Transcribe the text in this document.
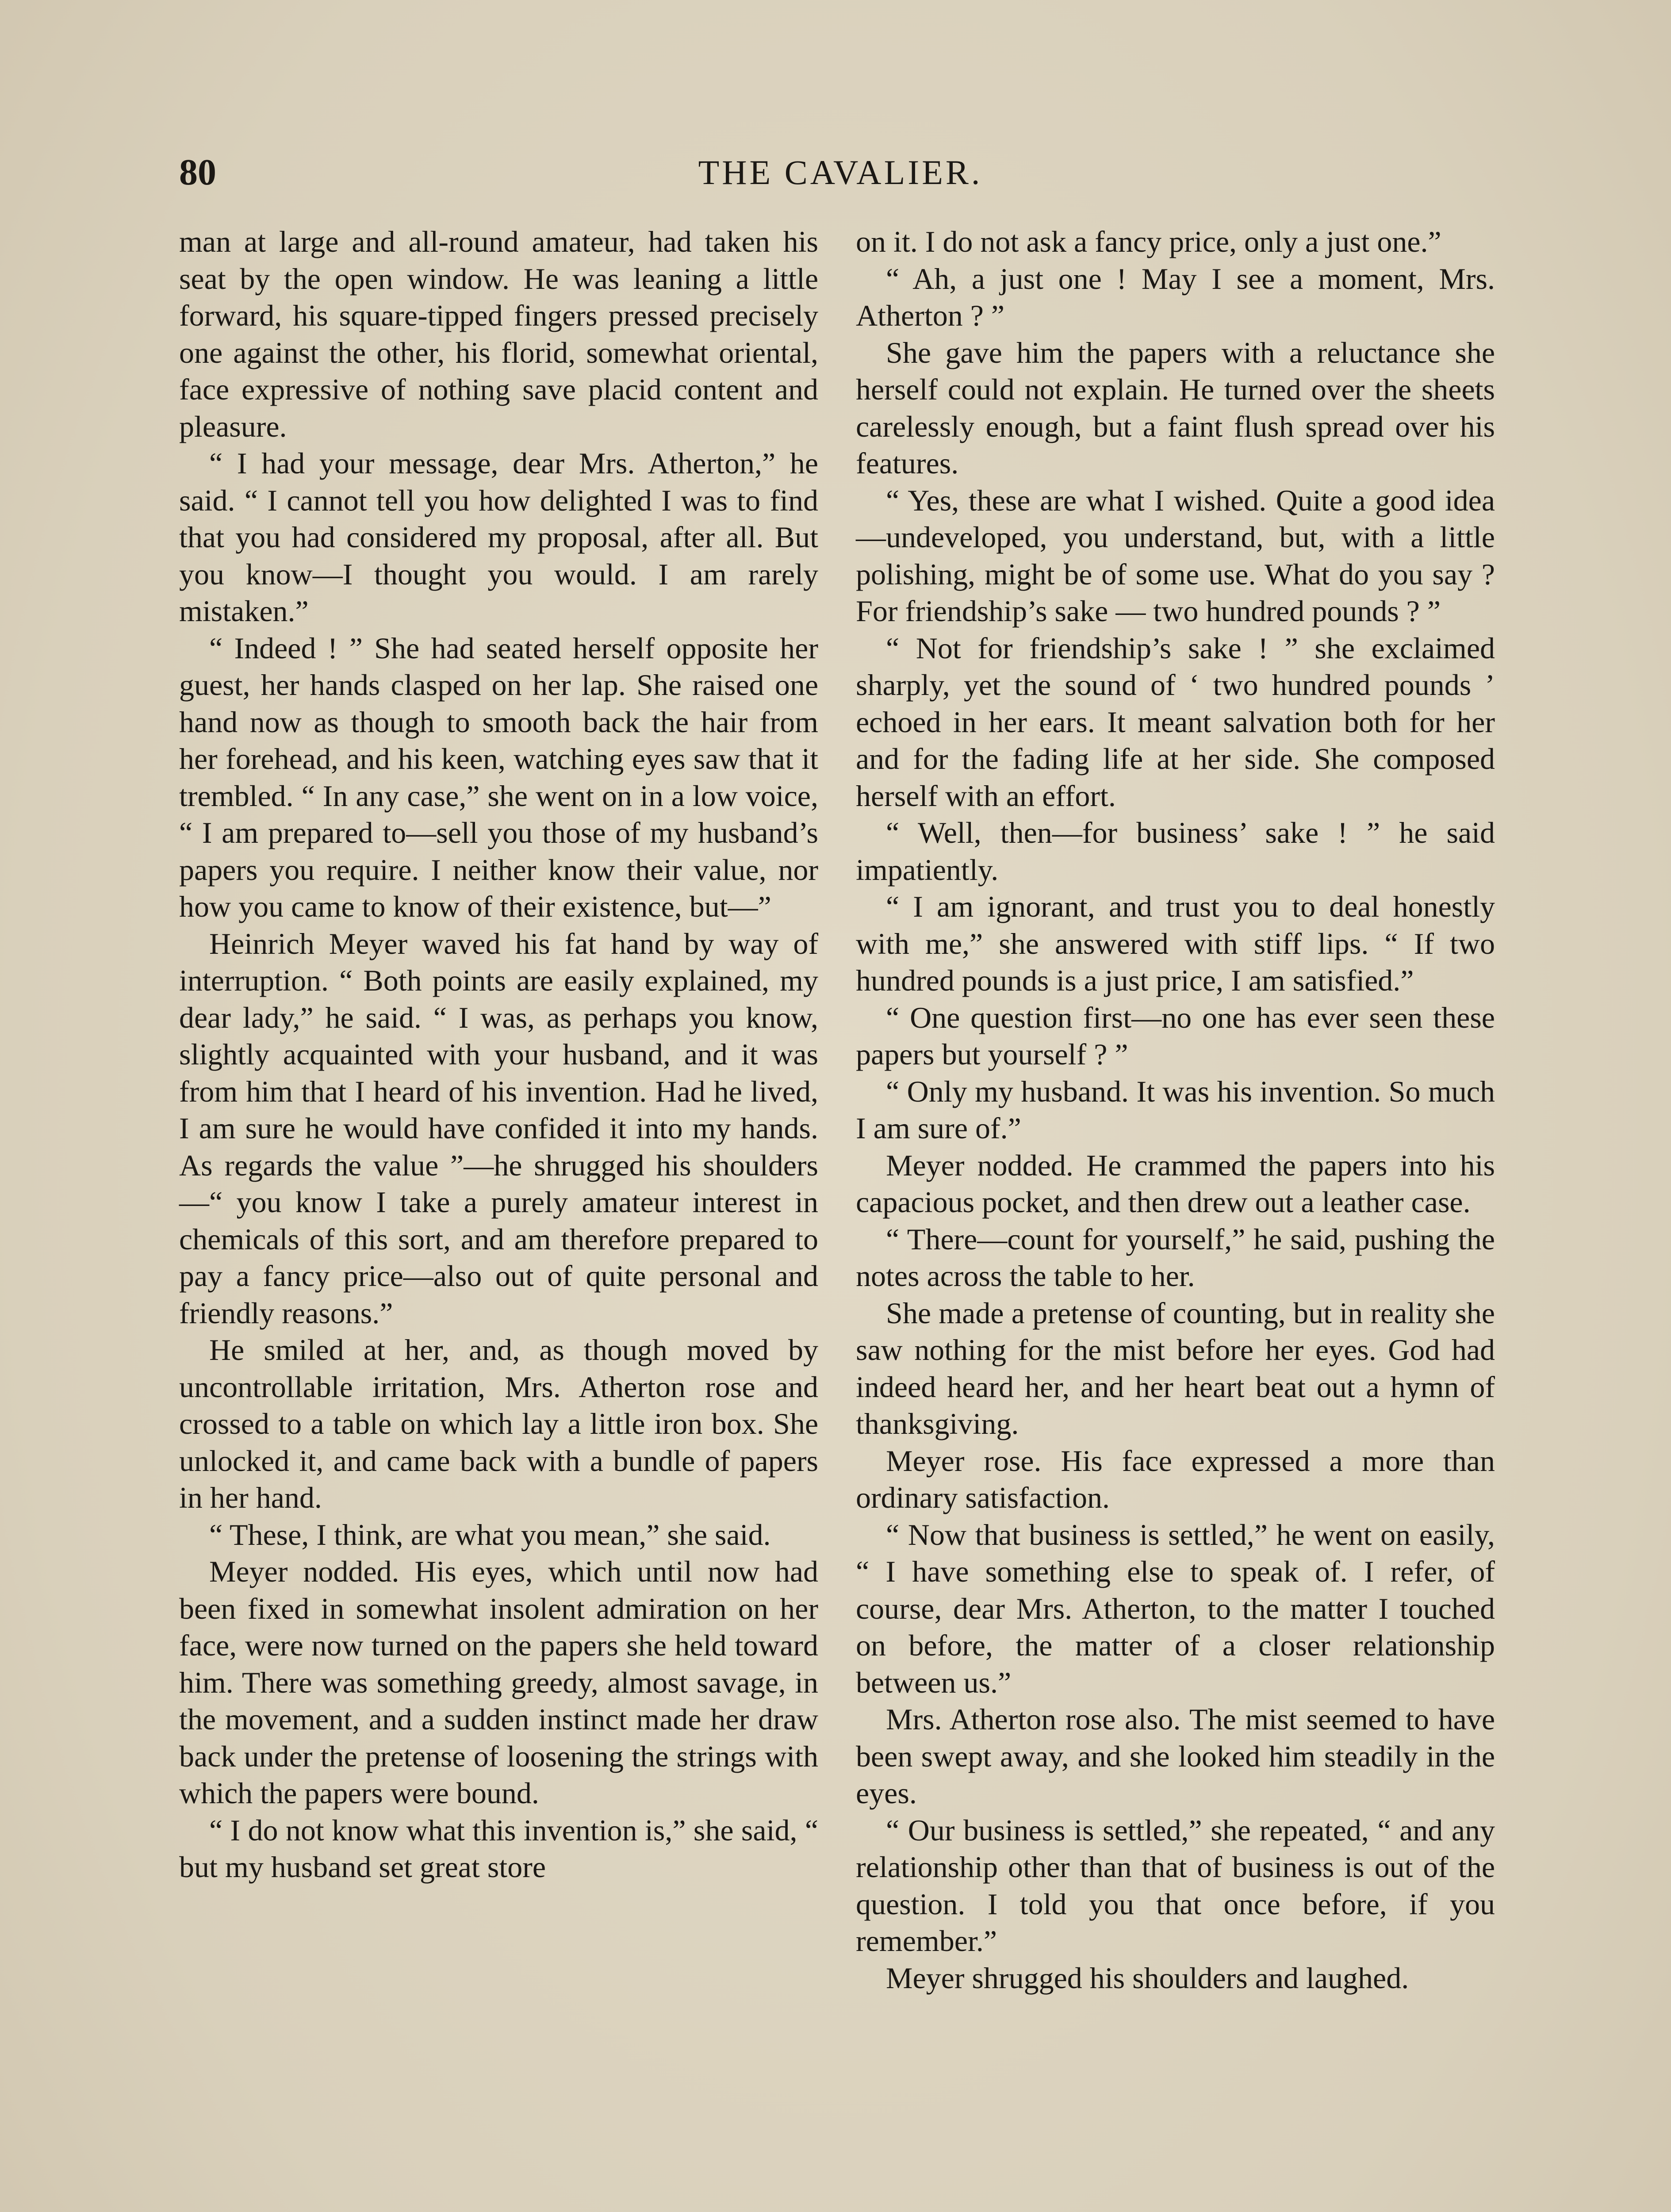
80	THE CAVALIER.

man at large and all-round amateur, had taken his seat by the open window. He was leaning a little forward, his square-tipped fingers pressed precisely one against the other, his florid, somewhat oriental, face expressive of nothing save placid content and pleasure.

“ I had your message, dear Mrs. Atherton,” he said. “ I cannot tell you how delighted I was to find that you had considered my proposal, after all. But you know—I thought you would. I am rarely mistaken.”

“ Indeed ! ” She had seated herself opposite her guest, her hands clasped on her lap. She raised one hand now as though to smooth back the hair from her forehead, and his keen, watching eyes saw that it trembled. “ In any case,” she went on in a low voice, “ I am prepared to—sell you those of my husband’s papers you require. I neither know their value, nor how you came to know of their existence, but—”

Heinrich Meyer waved his fat hand by way of interruption. “ Both points are easily explained, my dear lady,” he said. “ I was, as perhaps you know, slightly acquainted with your husband, and it was from him that I heard of his invention. Had he lived, I am sure he would have confided it into my hands. As regards the value ”—he shrugged his shoulders—“ you know I take a purely amateur interest in chemicals of this sort, and am therefore prepared to pay a fancy price—also out of quite personal and friendly reasons.”

He smiled at her, and, as though moved by uncontrollable irritation, Mrs. Atherton rose and crossed to a table on which lay a little iron box. She unlocked it, and came back with a bundle of papers in her hand.

“ These, I think, are what you mean,” she said.

Meyer nodded. His eyes, which until now had been fixed in somewhat insolent admiration on her face, were now turned on the papers she held toward him. There was something greedy, almost savage, in the movement, and a sudden instinct made her draw back under the pretense of loosening the strings with which the papers were bound.

“ I do not know what this invention is,” she said, “ but my husband set great store

on it. I do not ask a fancy price, only a just one.”

“ Ah, a just one ! May I see a moment, Mrs. Atherton ? ”

She gave him the papers with a reluctance she herself could not explain. He turned over the sheets carelessly enough, but a faint flush spread over his features.

“ Yes, these are what I wished. Quite a good idea—undeveloped, you understand, but, with a little polishing, might be of some use. What do you say ? For friendship’s sake — two hundred pounds ? ”

“ Not for friendship’s sake ! ” she exclaimed sharply, yet the sound of ‘ two hundred pounds ’ echoed in her ears. It meant salvation both for her and for the fading life at her side. She composed herself with an effort.

“ Well, then—for business’ sake ! ” he said impatiently.

“ I am ignorant, and trust you to deal honestly with me,” she answered with stiff lips. “ If two hundred pounds is a just price, I am satisfied.”

“ One question first—no one has ever seen these papers but yourself ? ”

“ Only my husband. It was his invention. So much I am sure of.”

Meyer nodded. He crammed the papers into his capacious pocket, and then drew out a leather case.

“ There—count for yourself,” he said, pushing the notes across the table to her.

She made a pretense of counting, but in reality she saw nothing for the mist before her eyes. God had indeed heard her, and her heart beat out a hymn of thanksgiving.

Meyer rose. His face expressed a more than ordinary satisfaction.

“ Now that business is settled,” he went on easily, “ I have something else to speak of. I refer, of course, dear Mrs. Atherton, to the matter I touched on before, the matter of a closer relationship between us.”

Mrs. Atherton rose also. The mist seemed to have been swept away, and she looked him steadily in the eyes.

“ Our business is settled,” she repeated, “ and any relationship other than that of business is out of the question. I told you that once before, if you remember.”

Meyer shrugged his shoulders and laughed.
